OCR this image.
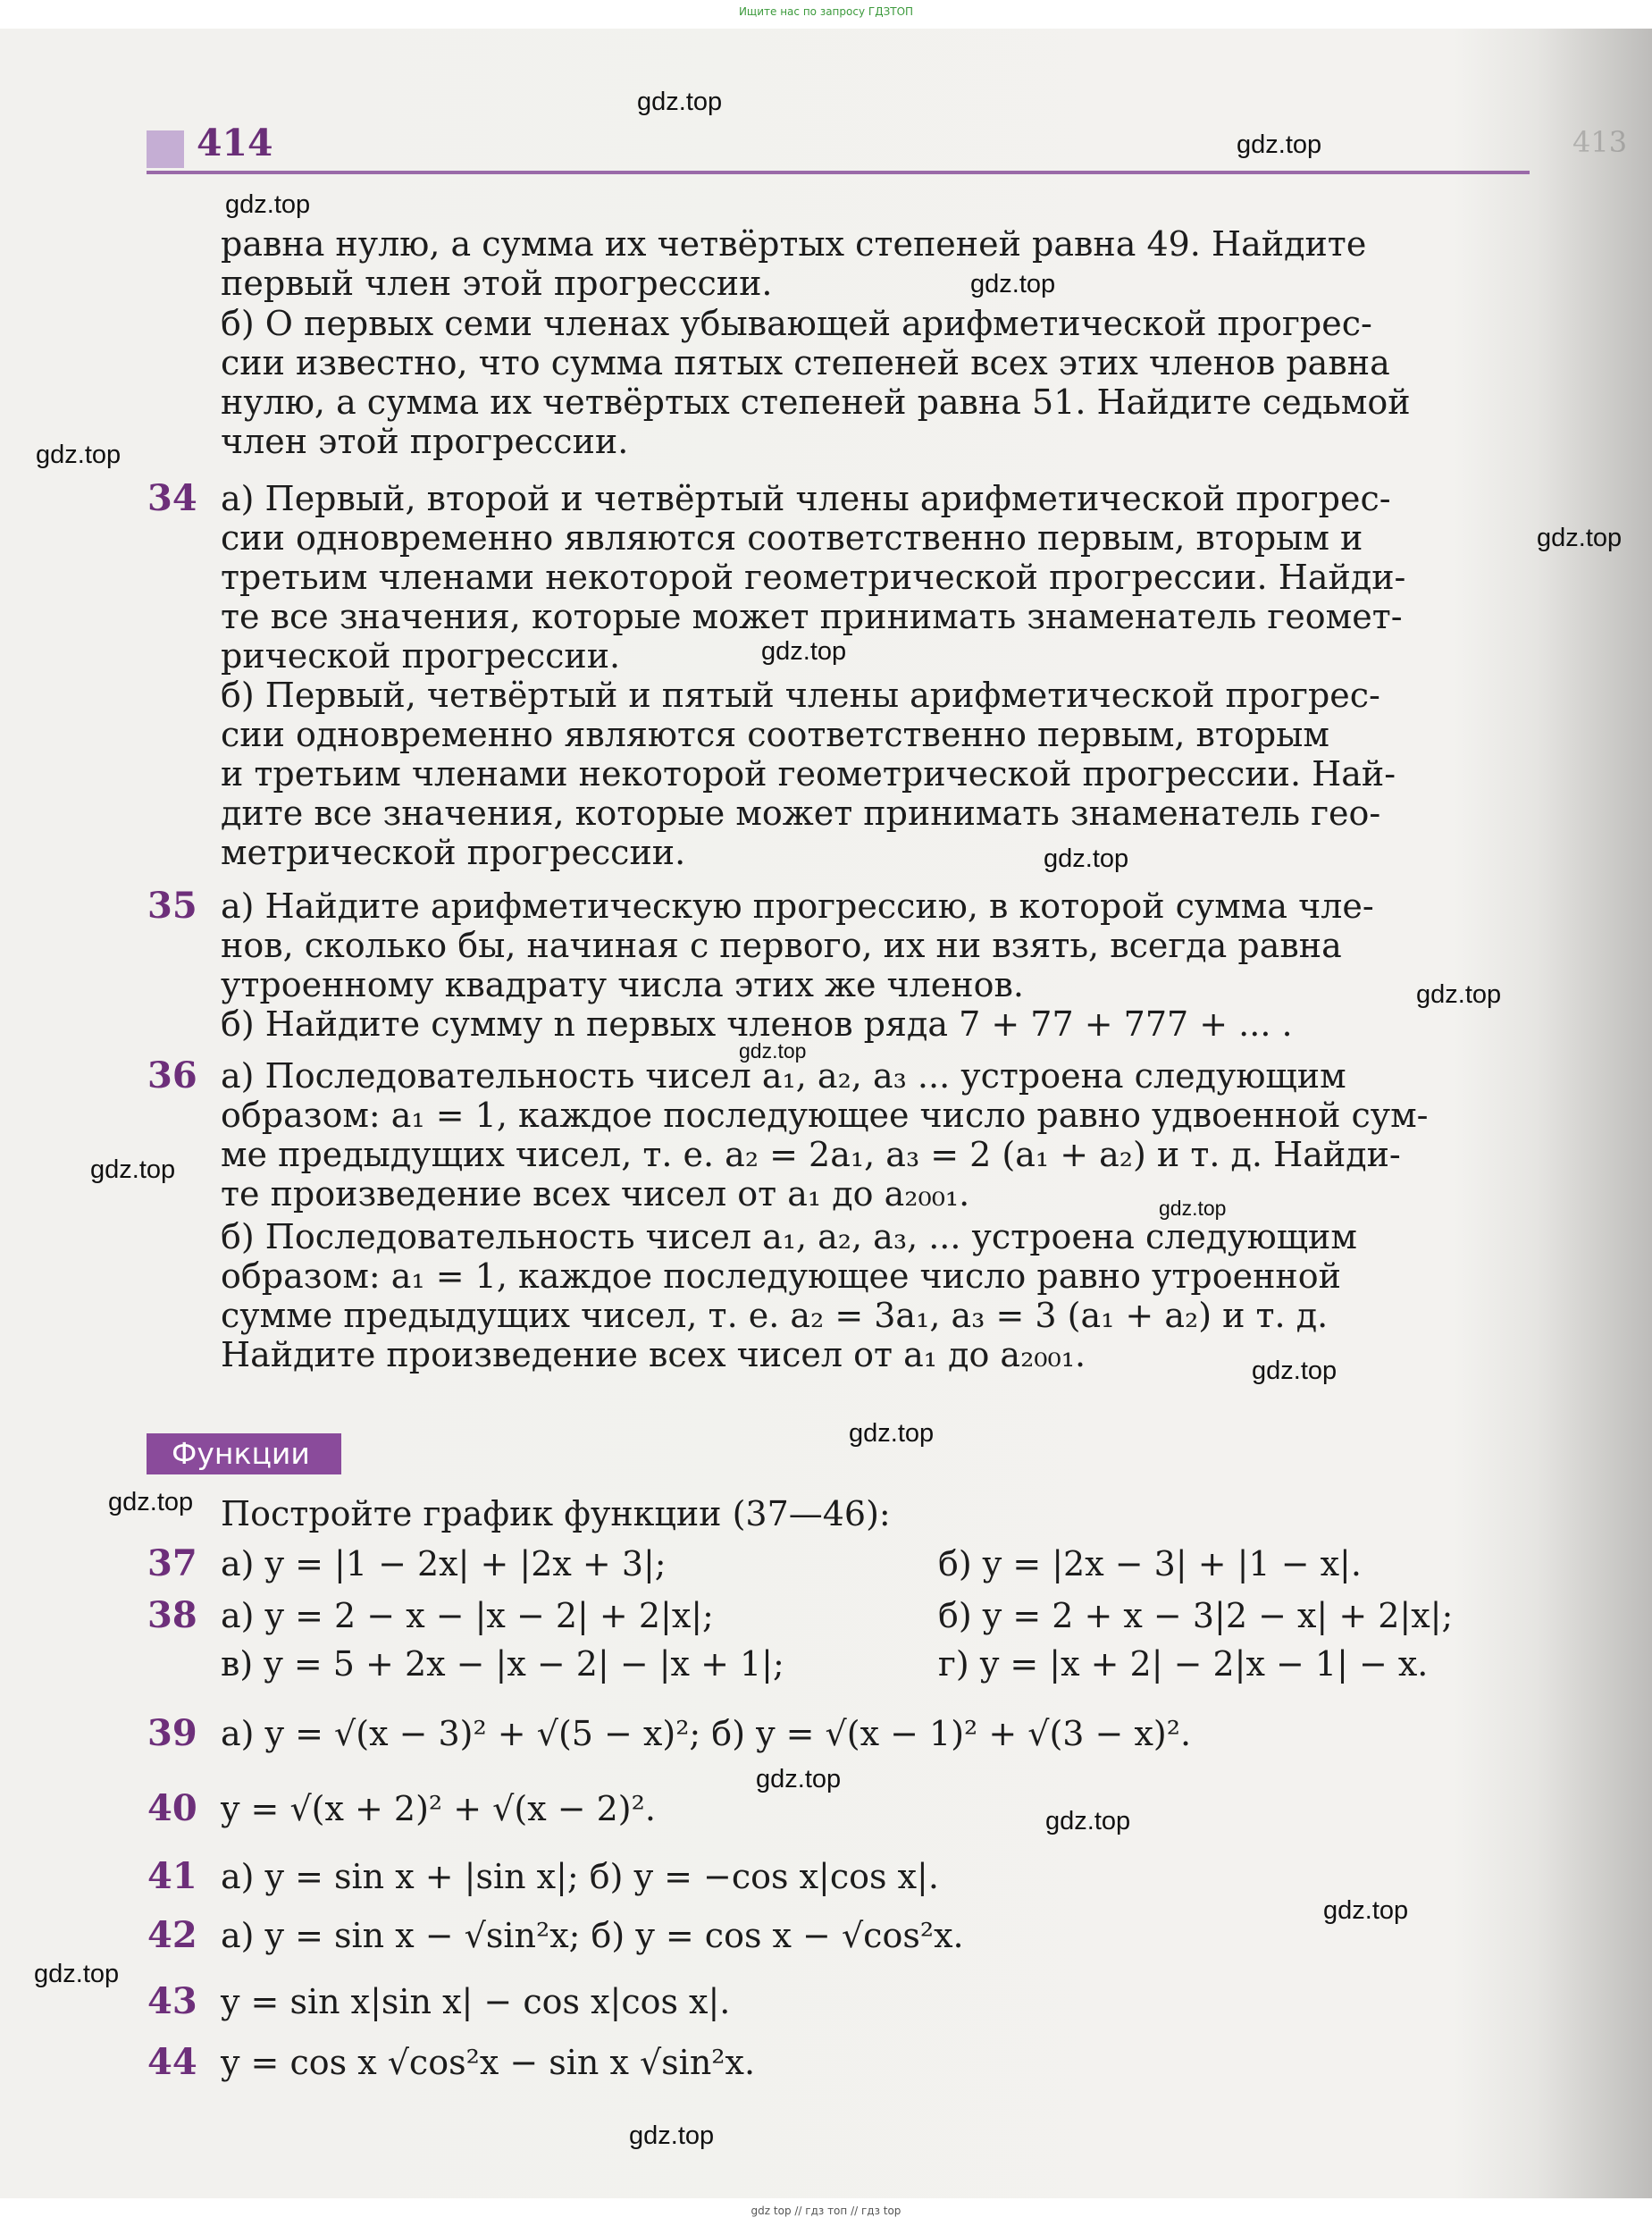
Ищите нас по запросу ГДЗТОП
414	413
равна нулю, а сумма их четвёртых степеней равна 49. Найдите
первый член этой прогрессии.
б) О первых семи членах убывающей арифметической прогрес-
сии известно, что сумма пятых степеней всех этих членов равна
нулю, а сумма их четвёртых степеней равна 51. Найдите седьмой
член этой прогрессии.
34 а) Первый, второй и четвёртый члены арифметической прогрес-
сии одновременно являются соответственно первым, вторым и
третьим членами некоторой геометрической прогрессии. Найди-
те все значения, которые может принимать знаменатель геомет-
рической прогрессии.
б) Первый, четвёртый и пятый члены арифметической прогрес-
сии одновременно являются соответственно первым, вторым
и третьим членами некоторой геометрической прогрессии. Най-
дите все значения, которые может принимать знаменатель гео-
метрической прогрессии.
35 а) Найдите арифметическую прогрессию, в которой сумма чле-
нов, сколько бы, начиная с первого, их ни взять, всегда равна
утроенному квадрату числа этих же членов.
б) Найдите сумму n первых членов ряда 7 + 77 + 777 + ... .
36 а) Последовательность чисел a₁, a₂, a₃ ... устроена следующим
образом: a₁ = 1, каждое последующее число равно удвоенной сум-
ме предыдущих чисел, т. е. a₂ = 2a₁, a₃ = 2 (a₁ + a₂) и т. д. Найди-
те произведение всех чисел от a₁ до a₂₀₀₁.
б) Последовательность чисел a₁, a₂, a₃, ... устроена следующим
образом: a₁ = 1, каждое последующее число равно утроенной
сумме предыдущих чисел, т. е. a₂ = 3a₁, a₃ = 3 (a₁ + a₂) и т. д.
Найдите произведение всех чисел от a₁ до a₂₀₀₁.
Функции
Постройте график функции (37—46):
37 а) y = |1 − 2x| + |2x + 3|;	б) y = |2x − 3| + |1 − x|.
38 а) y = 2 − x − |x − 2| + 2|x|;	б) y = 2 + x − 3|2 − x| + 2|x|;
в) y = 5 + 2x − |x − 2| − |x + 1|;	г) y = |x + 2| − 2|x − 1| − x.
39 а) y = √(x − 3)² + √(5 − x)²; б) y = √(x − 1)² + √(3 − x)².
40 y = √(x + 2)² + √(x − 2)².
41 а) y = sin x + |sin x|; б) y = −cos x|cos x|.
42 а) y = sin x − √sin²x; б) y = cos x − √cos²x.
43 y = sin x|sin x| − cos x|cos x|.
44 y = cos x √cos²x − sin x √sin²x.
gdz.top
gdz.top
gdz.top
gdz.top
gdz.top
gdz.top
gdz.top
gdz.top
gdz.top
gdz.top
gdz.top
gdz.top
gdz.top
gdz.top
gdz.top
gdz.top
gdz.top
gdz.top
gdz.top
gdz.top
gdz top // гдз топ // гдз top
